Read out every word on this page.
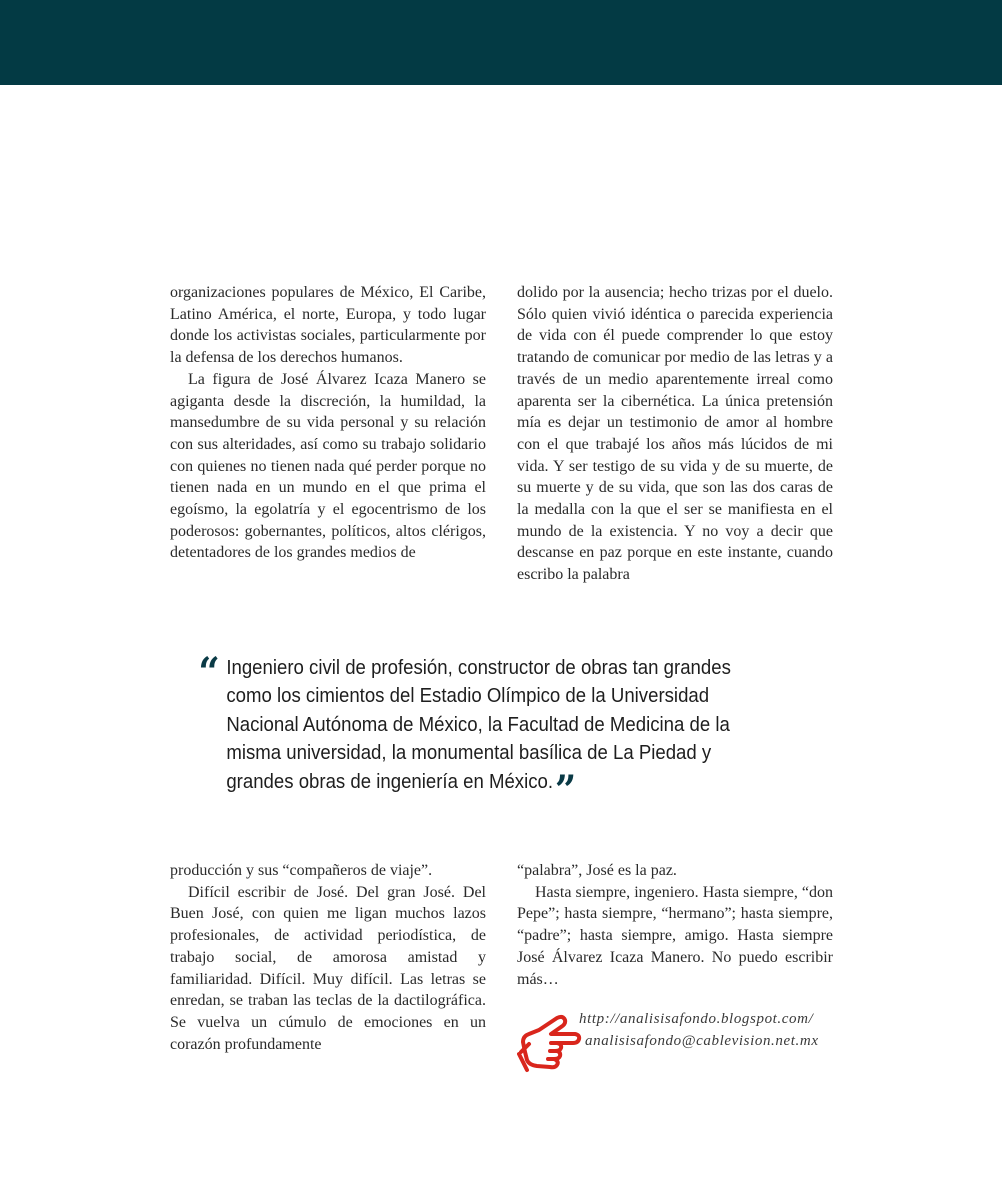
organizaciones populares de México, El Caribe, Latino América, el norte, Europa, y todo lugar donde los activistas sociales, particularmente por la defensa de los derechos humanos.

La figura de José Álvarez Icaza Manero se agiganta desde la discreción, la humildad, la mansedumbre de su vida personal y su relación con sus alteridades, así como su trabajo solidario con quienes no tienen nada qué perder porque no tienen nada en un mundo en el que prima el egoísmo, la egolatría y el egocentrismo de los poderosos: gobernantes, políticos, altos clérigos, detentadores de los grandes medios de

dolido por la ausencia; hecho trizas por el duelo. Sólo quien vivió idéntica o parecida experiencia de vida con él puede comprender lo que estoy tratando de comunicar por medio de las letras y a través de un medio aparentemente irreal como aparenta ser la cibernética. La única pretensión mía es dejar un testimonio de amor al hombre con el que trabajé los años más lúcidos de mi vida. Y ser testigo de su vida y de su muerte, de su muerte y de su vida, que son las dos caras de la medalla con la que el ser se manifiesta en el mundo de la existencia. Y no voy a decir que descanse en paz porque en este instante, cuando escribo la palabra

“ Ingeniero civil de profesión, constructor de obras tan grandes como los cimientos del Estadio Olímpico de la Universidad Nacional Autónoma de México, la Facultad de Medicina de la misma universidad, la monumental basílica de La Piedad y grandes obras de ingeniería en México.”

producción y sus “compañeros de viaje”.

Difícil escribir de José. Del gran José. Del Buen José, con quien me ligan muchos lazos profesionales, de actividad periodística, de trabajo social, de amorosa amistad y familiaridad. Difícil. Muy difícil. Las letras se enredan, se traban las teclas de la dactilográfica. Se vuelva un cúmulo de emociones en un corazón profundamente

“palabra”, José es la paz.

Hasta siempre, ingeniero. Hasta siempre, “don Pepe”; hasta siempre, “hermano”; hasta siempre, “padre”; hasta siempre, amigo. Hasta siempre José Álvarez Icaza Manero. No puedo escribir más…

http://analisisafondo.blogspot.com/
analisisafondo@cablevision.net.mx
